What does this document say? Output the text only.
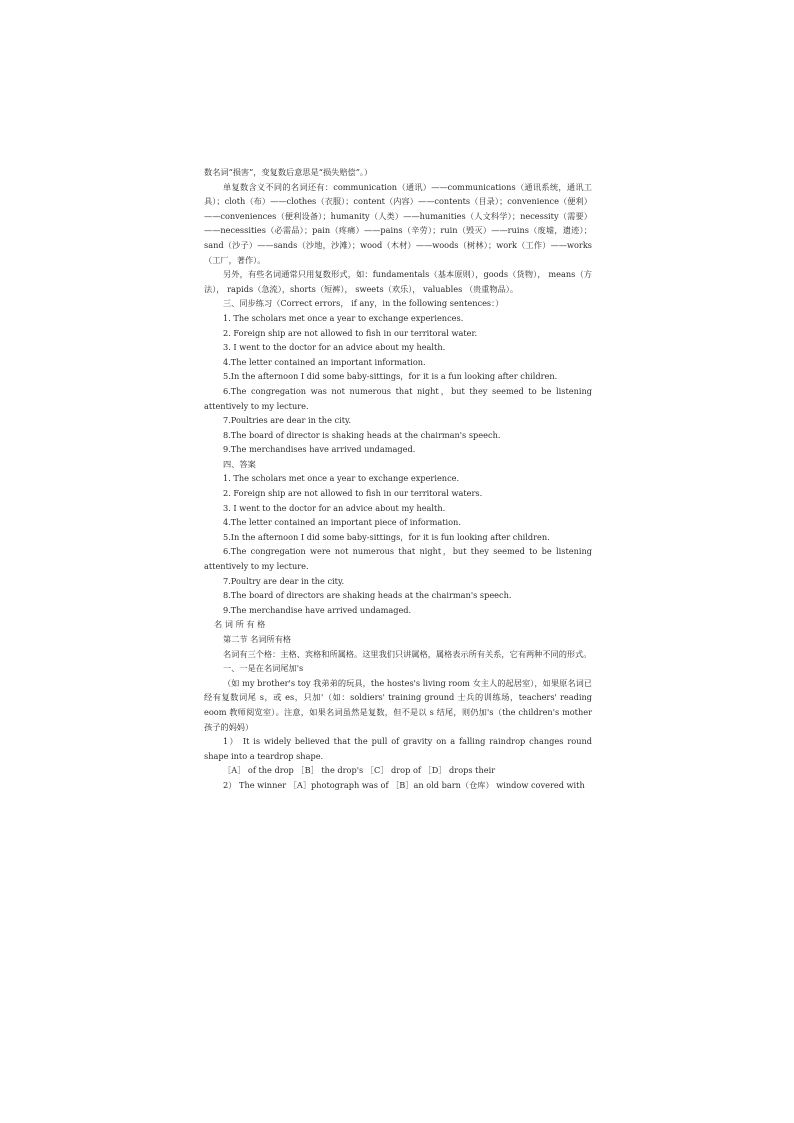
数名词“损害”，变复数后意思是“损失赔偿”。）

单复数含义不同的名词还有：communication（通讯）——communications（通讯系统，通讯工具）；cloth（布）——clothes（衣服）；content（内容）——contents（目录）；convenience（便利）——conveniences（便利设备）；humanity（人类）——humanities（人文科学）；necessity（需要）——necessities（必需品）；pain（疼痛）——pains（辛劳）；ruin（毁灭）——ruins（废墟，遗迹）；sand（沙子）——sands（沙地，沙滩）；wood（木材）——woods（树林）；work（工作）——works（工厂，著作）。

另外，有些名词通常只用复数形式，如：fundamentals（基本原则），goods（货物）， means（方法）， rapids（急流），shorts（短裤）， sweets（欢乐）， valuables （贵重物品）。

三、同步练习（Correct errors， if any，in the following sentences：）

1. The scholars met once a year to exchange experiences.

2. Foreign ship are not allowed to fish in our territoral water.

3. I went to the doctor for an advice about my health.

4.The letter contained an important information.

5.In the afternoon I did some baby-sittings，for it is a fun looking after children.

6.The congregation was not numerous that night，but they seemed to be listening attentively to my lecture.

7.Poultries are dear in the city.

8.The board of director is shaking heads at the chairman's speech.

9.The merchandises have arrived undamaged.

四、答案

1. The scholars met once a year to exchange experience.

2. Foreign ship are not allowed to fish in our territoral waters.

3. I went to the doctor for an advice about my health.

4.The letter contained an important piece of information.

5.In the afternoon I did some baby-sittings，for it is fun looking after children.

6.The congregation were not numerous that night，but they seemed to be listening attentively to my lecture.

7.Poultry are dear in the city.

8.The board of directors are shaking heads at the chairman's speech.

9.The merchandise have arrived undamaged.

名 词 所 有 格

第二节 名词所有格

名词有三个格：主格、宾格和所属格。这里我们只讲属格，属格表示所有关系，它有两种不同的形式。

一、一是在名词尾加's

（如 my brother's toy 我弟弟的玩具，the hostes's living room 女主人的起居室），如果原名词已经有复数词尾 s，或 es，只加'（如：soldiers' training ground 士兵的训练场，teachers' reading eoom 教师阅览室）。注意，如果名词虽然是复数，但不是以 s 结尾，则仍加's（the children's mother 孩子的妈妈）

1） It is widely believed that the pull of gravity on a falling raindrop changes round shape into a teardrop shape.

［A］ of the drop ［B］ the drop's ［C］ drop of ［D］ drops their

2） The winner ［A］photograph was of ［B］an old barn（仓库） window covered with
